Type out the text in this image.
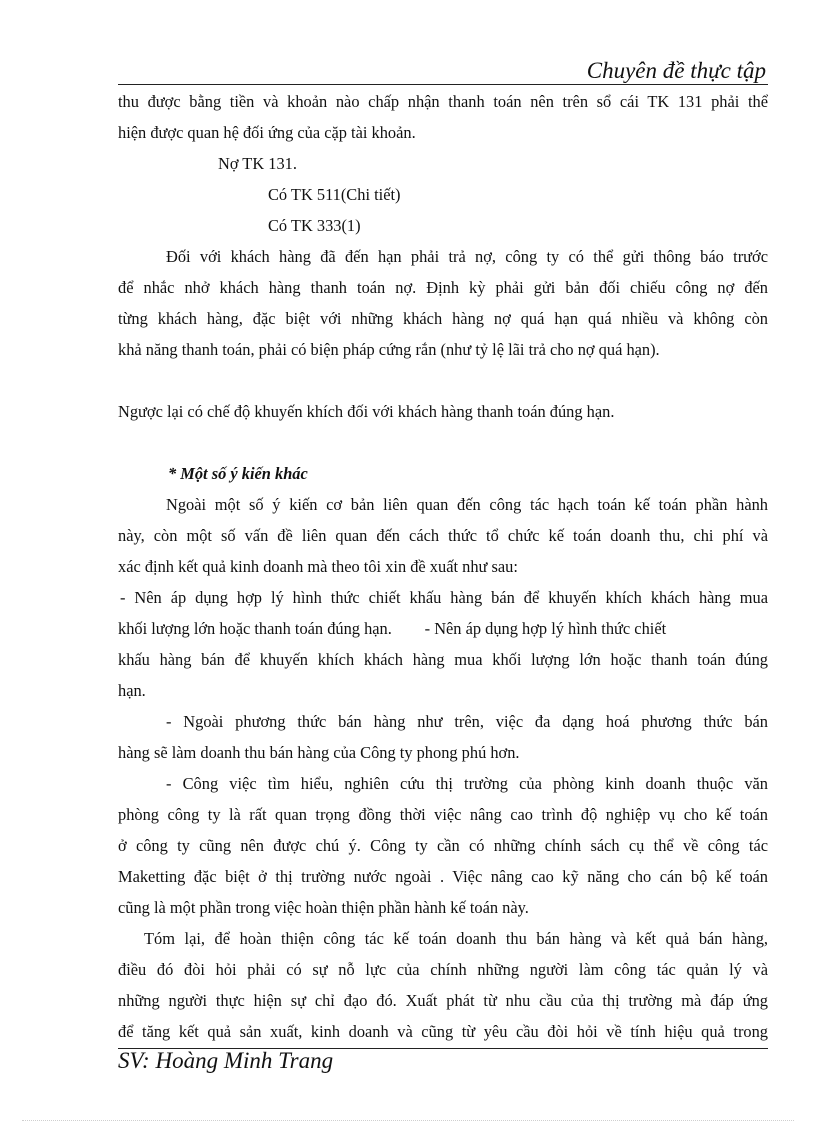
Chuyên đề thực tập
thu được bằng tiền và khoản nào chấp nhận thanh toán nên trên sổ cái TK 131 phải thể
hiện được quan hệ đối ứng của cặp tài khoản.
Nợ TK 131.
Có TK 511(Chi tiết)
Có TK 333(1)
Đối với khách hàng đã đến hạn phải trả nợ, công ty có thể gửi thông báo trước
để nhắc nhở khách hàng thanh toán nợ. Định kỳ phải gửi bản đối chiếu công nợ đến
từng khách hàng, đặc biệt với những khách hàng nợ quá hạn quá nhiều và không còn
khả năng thanh toán, phải có biện pháp cứng rắn (như tỷ lệ lãi trả cho nợ quá hạn).
Ngược lại có chế độ khuyến khích đối với khách hàng thanh toán đúng hạn.
* Một số ý kiến khác
Ngoài một số ý kiến cơ bản liên quan đến công tác hạch toán kế toán phần hành
này, còn một số vấn đề liên quan đến cách thức tổ chức kế toán doanh thu, chi phí và
xác định kết quả kinh doanh mà theo tôi xin đề xuất như sau:
- Nên áp dụng hợp lý hình thức chiết khấu hàng bán để khuyến khích khách hàng mua
khối lượng lớn hoặc thanh toán đúng hạn.        - Nên áp dụng hợp lý hình thức chiết
khấu hàng bán để khuyến khích khách hàng mua khối lượng lớn hoặc thanh toán đúng
hạn.
- Ngoài phương thức bán hàng như trên, việc đa dạng hoá phương thức bán
hàng sẽ làm doanh thu bán hàng của Công ty phong phú hơn.
- Công việc tìm hiểu, nghiên cứu thị trường của phòng kinh doanh thuộc văn
phòng công ty là rất quan trọng đồng thời việc nâng cao trình độ nghiệp vụ cho kế toán
ở công ty cũng nên được chú ý. Công ty cần có những chính sách cụ thể về công tác
Maketting đặc biệt ở thị trường nước ngoài . Việc nâng cao kỹ năng cho cán bộ kế toán
cũng là một phần trong việc hoàn thiện phần hành kế toán này.
Tóm lại, để hoàn thiện công tác kế toán doanh thu bán hàng và kết quả bán hàng,
điều đó đòi hỏi phải có sự nỗ lực của chính những người làm công tác quản lý và
những người thực hiện sự chỉ đạo đó. Xuất phát từ nhu cầu của thị trường mà đáp ứng
để tăng kết quả sản xuất, kinh doanh và cũng từ yêu cầu đòi hỏi về tính hiệu quả trong
SV: Hoàng Minh Trang
